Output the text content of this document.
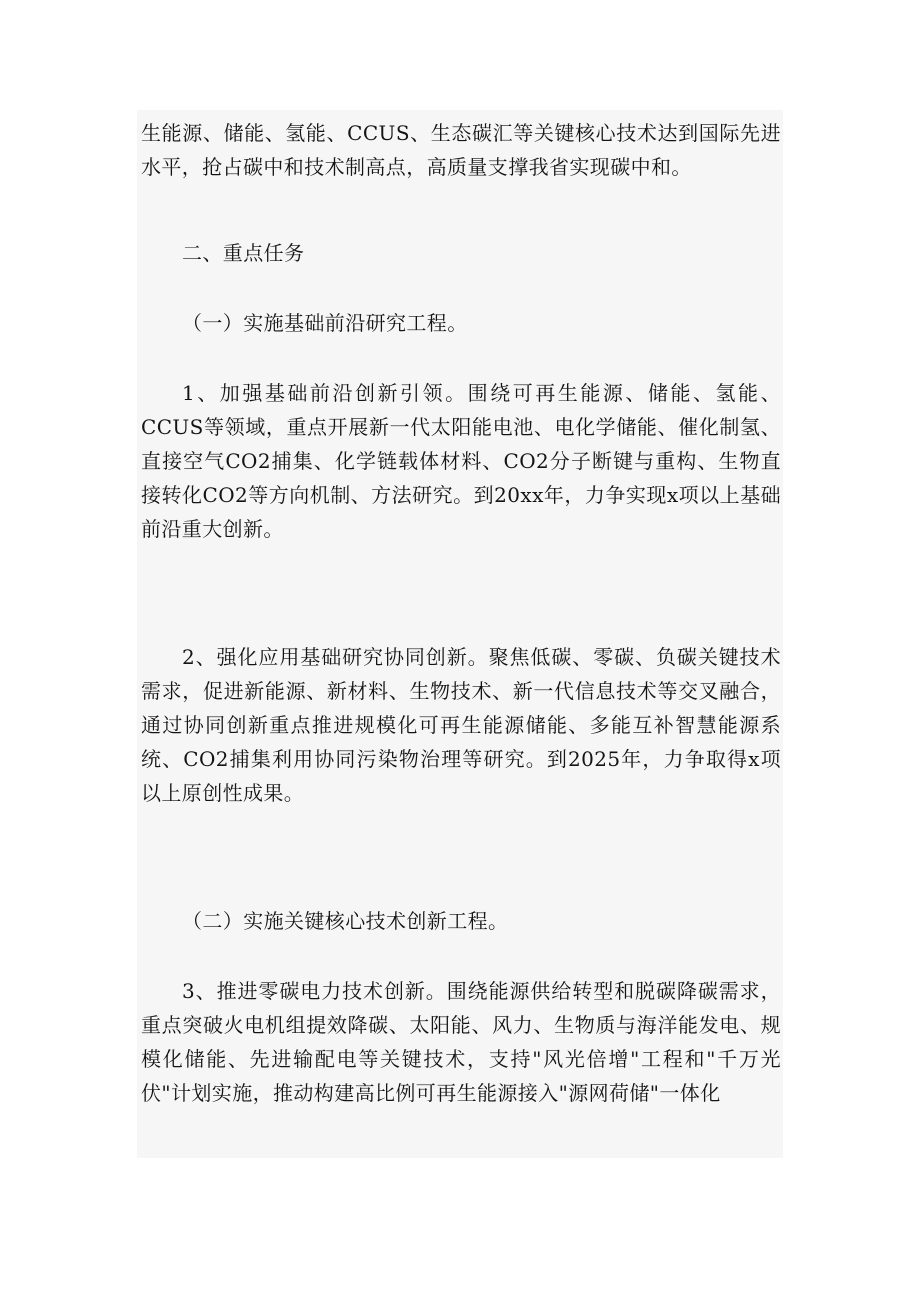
生能源、储能、氢能、CCUS、生态碳汇等关键核心技术达到国际先进水平，抢占碳中和技术制高点，高质量支撑我省实现碳中和。

二、重点任务

（一）实施基础前沿研究工程。

1、加强基础前沿创新引领。围绕可再生能源、储能、氢能、CCUS等领域，重点开展新一代太阳能电池、电化学储能、催化制氢、直接空气CO2捕集、化学链载体材料、CO2分子断键与重构、生物直接转化CO2等方向机制、方法研究。到20xx年，力争实现x项以上基础前沿重大创新。

2、强化应用基础研究协同创新。聚焦低碳、零碳、负碳关键技术需求，促进新能源、新材料、生物技术、新一代信息技术等交叉融合，通过协同创新重点推进规模化可再生能源储能、多能互补智慧能源系统、CO2捕集利用协同污染物治理等研究。到2025年，力争取得x项以上原创性成果。

（二）实施关键核心技术创新工程。

3、推进零碳电力技术创新。围绕能源供给转型和脱碳降碳需求，重点突破火电机组提效降碳、太阳能、风力、生物质与海洋能发电、规模化储能、先进输配电等关键技术，支持"风光倍增"工程和"千万光伏"计划实施，推动构建高比例可再生能源接入"源网荷储"一体化
